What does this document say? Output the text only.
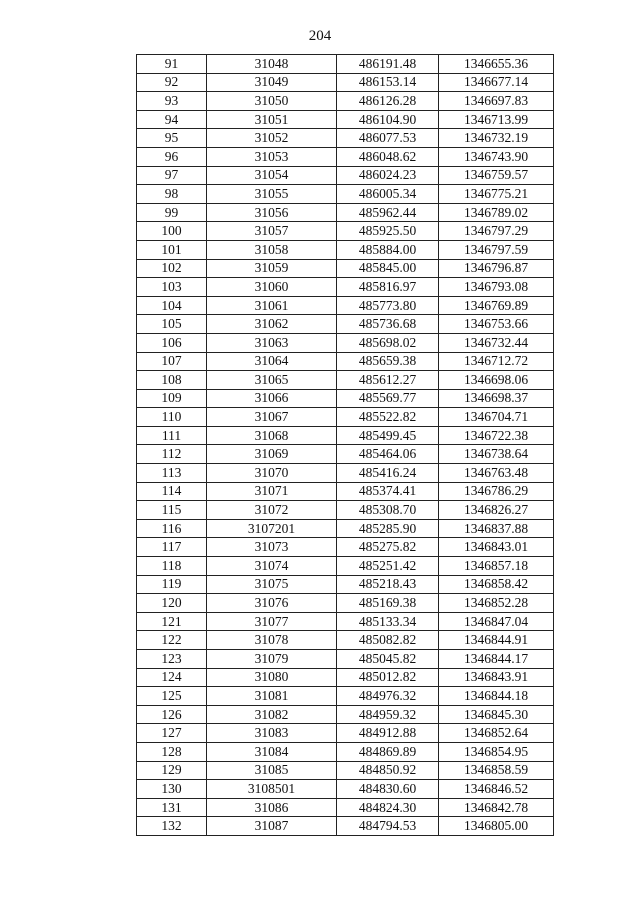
204
91	31048	486191.48	1346655.36
92	31049	486153.14	1346677.14
93	31050	486126.28	1346697.83
94	31051	486104.90	1346713.99
95	31052	486077.53	1346732.19
96	31053	486048.62	1346743.90
97	31054	486024.23	1346759.57
98	31055	486005.34	1346775.21
99	31056	485962.44	1346789.02
100	31057	485925.50	1346797.29
101	31058	485884.00	1346797.59
102	31059	485845.00	1346796.87
103	31060	485816.97	1346793.08
104	31061	485773.80	1346769.89
105	31062	485736.68	1346753.66
106	31063	485698.02	1346732.44
107	31064	485659.38	1346712.72
108	31065	485612.27	1346698.06
109	31066	485569.77	1346698.37
110	31067	485522.82	1346704.71
111	31068	485499.45	1346722.38
112	31069	485464.06	1346738.64
113	31070	485416.24	1346763.48
114	31071	485374.41	1346786.29
115	31072	485308.70	1346826.27
116	3107201	485285.90	1346837.88
117	31073	485275.82	1346843.01
118	31074	485251.42	1346857.18
119	31075	485218.43	1346858.42
120	31076	485169.38	1346852.28
121	31077	485133.34	1346847.04
122	31078	485082.82	1346844.91
123	31079	485045.82	1346844.17
124	31080	485012.82	1346843.91
125	31081	484976.32	1346844.18
126	31082	484959.32	1346845.30
127	31083	484912.88	1346852.64
128	31084	484869.89	1346854.95
129	31085	484850.92	1346858.59
130	3108501	484830.60	1346846.52
131	31086	484824.30	1346842.78
132	31087	484794.53	1346805.00
